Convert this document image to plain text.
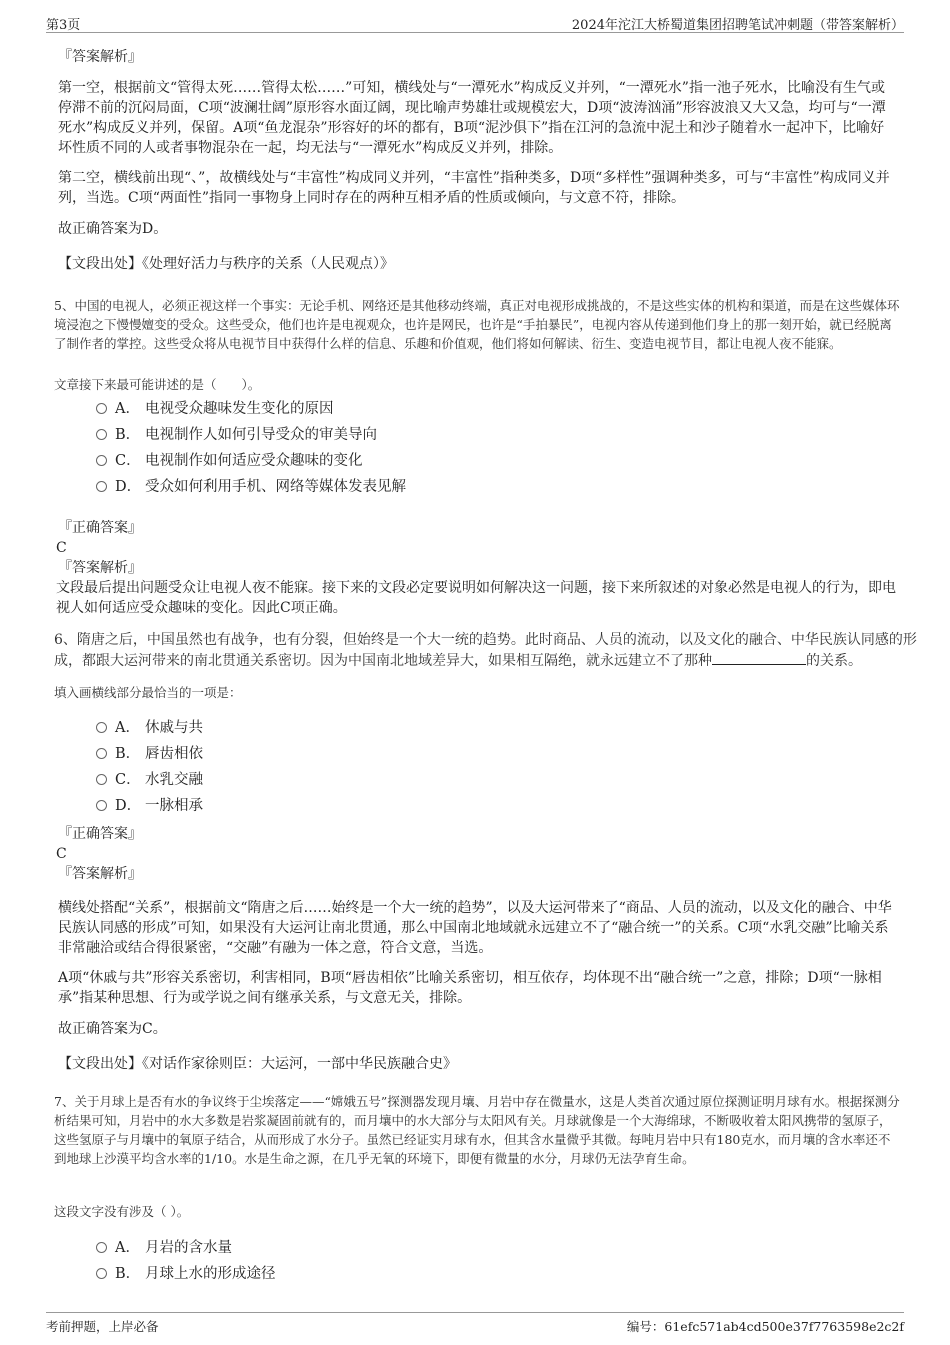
第3页	2024年沱江大桥蜀道集团招聘笔试冲刺题（带答案解析）
『答案解析』
第一空，根据前文“管得太死……管得太松……”可知，横线处与“一潭死水”构成反义并列，“一潭死水”指一池子死水，比喻没有生气或停滞不前的沉闷局面，C项“波澜壮阔”原形容水面辽阔，现比喻声势雄壮或规模宏大，D项“波涛汹涌”形容波浪又大又急，均可与“一潭死水”构成反义并列，保留。A项“鱼龙混杂”形容好的坏的都有，B项“泥沙俱下”指在江河的急流中泥土和沙子随着水一起冲下，比喻好坏性质不同的人或者事物混杂在一起，均无法与“一潭死水”构成反义并列，排除。
第二空，横线前出现“、”，故横线处与“丰富性”构成同义并列，“丰富性”指种类多，D项“多样性”强调种类多，可与“丰富性”构成同义并列，当选。C项“两面性”指同一事物身上同时存在的两种互相矛盾的性质或倾向，与文意不符，排除。
故正确答案为D。
【文段出处】《处理好活力与秩序的关系（人民观点）》
5、中国的电视人，必须正视这样一个事实：无论手机、网络还是其他移动终端，真正对电视形成挑战的，不是这些实体的机构和渠道，而是在这些媒体环境浸泡之下慢慢嬗变的受众。这些受众，他们也许是电视观众，也许是网民，也许是“手拍暴民”，电视内容从传递到他们身上的那一刻开始，就已经脱离了制作者的掌控。这些受众将从电视节目中获得什么样的信息、乐趣和价值观，他们将如何解读、衍生、变造电视节目，都让电视人夜不能寐。
文章接下来最可能讲述的是（　　）。
A． 电视受众趣味发生变化的原因
B． 电视制作人如何引导受众的审美导向
C． 电视制作如何适应受众趣味的变化
D． 受众如何利用手机、网络等媒体发表见解
『正确答案』
C
『答案解析』
文段最后提出问题受众让电视人夜不能寐。接下来的文段必定要说明如何解决这一问题，接下来所叙述的对象必然是电视人的行为，即电视人如何适应受众趣味的变化。因此C项正确。
6、隋唐之后，中国虽然也有战争，也有分裂，但始终是一个大一统的趋势。此时商品、人员的流动，以及文化的融合、中华民族认同感的形
成，都跟大运河带来的南北贯通关系密切。因为中国南北地域差异大，如果相互隔绝，就永远建立不了那种	的关系。
填入画横线部分最恰当的一项是：
A． 休戚与共
B． 唇齿相依
C． 水乳交融
D． 一脉相承
『正确答案』
C
『答案解析』
横线处搭配“关系”，根据前文“隋唐之后……始终是一个大一统的趋势”，以及大运河带来了“商品、人员的流动，以及文化的融合、中华民族认同感的形成”可知，如果没有大运河让南北贯通，那么中国南北地域就永远建立不了“融合统一”的关系。C项“水乳交融”比喻关系非常融洽或结合得很紧密，“交融”有融为一体之意，符合文意，当选。
A项“休戚与共”形容关系密切，利害相同，B项“唇齿相依”比喻关系密切，相互依存，均体现不出“融合统一”之意，排除；D项“一脉相承”指某种思想、行为或学说之间有继承关系，与文意无关，排除。
故正确答案为C。
【文段出处】《对话作家徐则臣：大运河，一部中华民族融合史》
7、关于月球上是否有水的争议终于尘埃落定——“嫦娥五号”探测器发现月壤、月岩中存在微量水，这是人类首次通过原位探测证明月球有水。根据探测分析结果可知，月岩中的水大多数是岩浆凝固前就有的，而月壤中的水大部分与太阳风有关。月球就像是一个大海绵球，不断吸收着太阳风携带的氢原子，这些氢原子与月壤中的氧原子结合，从而形成了水分子。虽然已经证实月球有水，但其含水量微乎其微。每吨月岩中只有180克水，而月壤的含水率还不到地球上沙漠平均含水率的1/10。水是生命之源，在几乎无氧的环境下，即便有微量的水分，月球仍无法孕育生命。
这段文字没有涉及（ ）。
A． 月岩的含水量
B． 月球上水的形成途径
考前押题，上岸必备	编号：61efc571ab4cd500e37f7763598e2c2f
